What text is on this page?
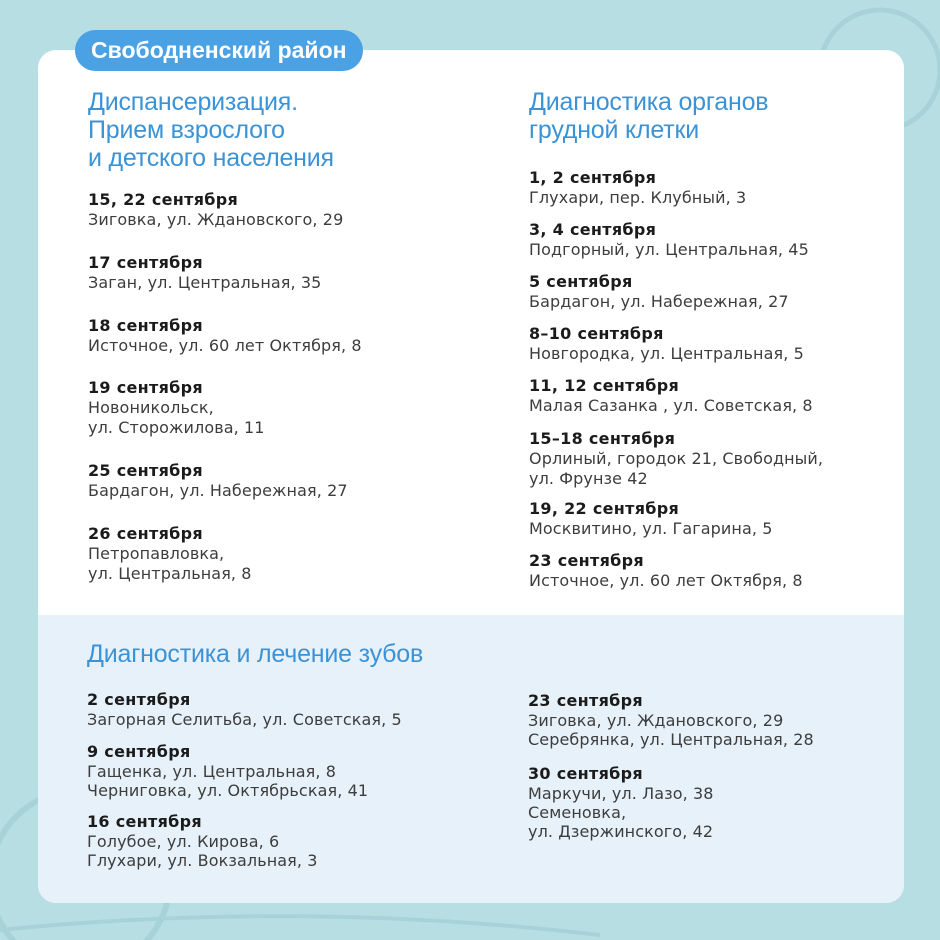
Свободненский район
Диспансеризация.
Прием взрослого
и детского населения
15, 22 сентября
Зиговка, ул. Ждановского, 29
17 сентября
Заган, ул. Центральная, 35
18 сентября
Источное, ул. 60 лет Октября, 8
19 сентября
Новоникольск,
ул. Сторожилова, 11
25 сентября
Бардагон, ул. Набережная, 27
26 сентября
Петропавловка,
ул. Центральная, 8
Диагностика органов
грудной клетки
1, 2 сентября
Глухари, пер. Клубный, 3
3, 4 сентября
Подгорный, ул. Центральная, 45
5 сентября
Бардагон, ул. Набережная, 27
8–10 сентября
Новгородка, ул. Центральная, 5
11, 12 сентября
Малая Сазанка , ул. Советская, 8
15–18 сентября
Орлиный, городок 21, Свободный,
ул. Фрунзе 42
19, 22 сентября
Москвитино, ул. Гагарина, 5
23 сентября
Источное, ул. 60 лет Октября, 8
Диагностика и лечение зубов
2 сентября
Загорная Селитьба, ул. Советская, 5
9 сентября
Гащенка, ул. Центральная, 8
Черниговка, ул. Октябрьская, 41
16 сентября
Голубое, ул. Кирова, 6
Глухари, ул. Вокзальная, 3
23 сентября
Зиговка, ул. Ждановского, 29
Серебрянка, ул. Центральная, 28
30 сентября
Маркучи, ул. Лазо, 38
Семеновка,
ул. Дзержинского, 42
